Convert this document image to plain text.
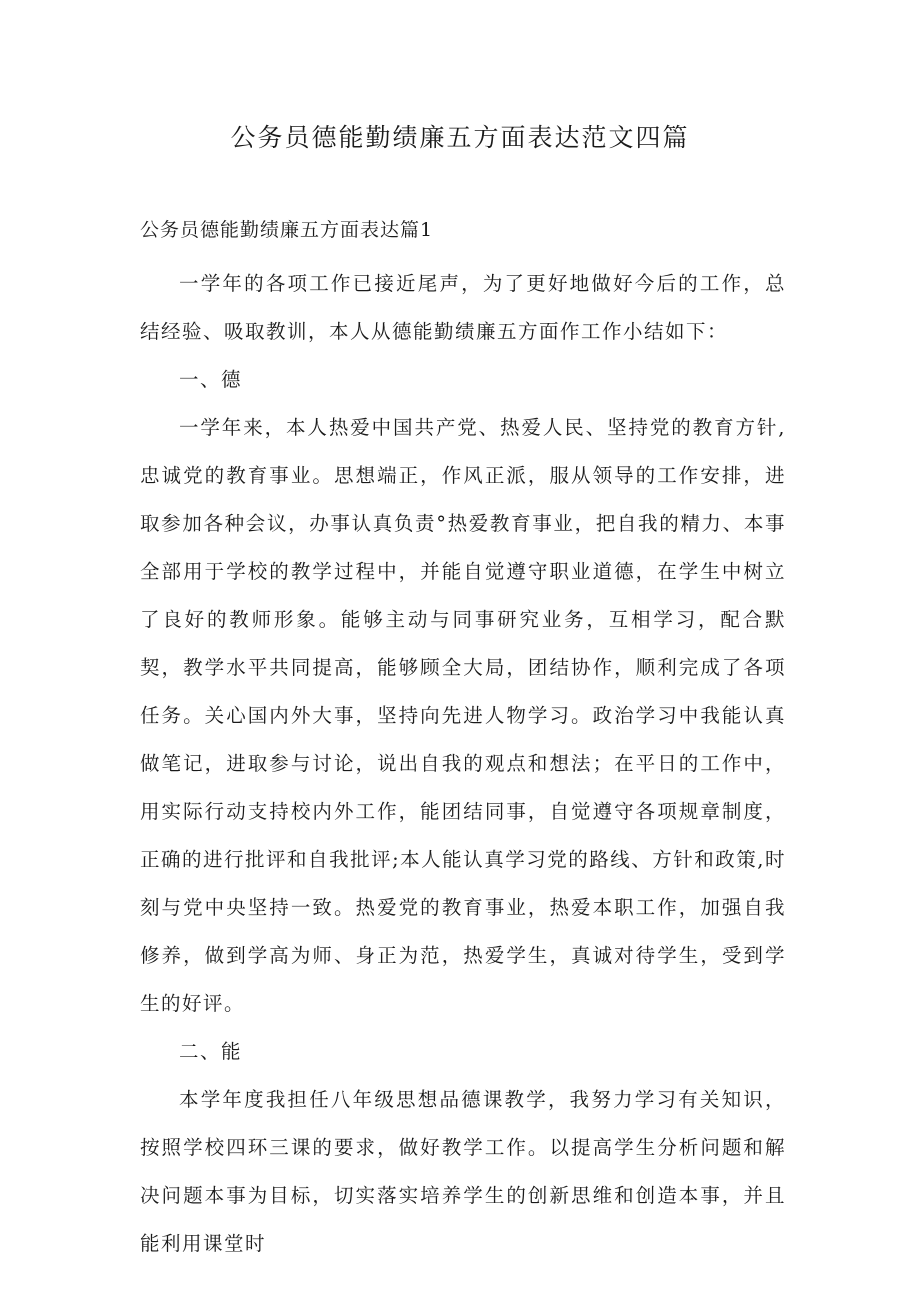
公务员德能勤绩廉五方面表达范文四篇
公务员德能勤绩廉五方面表达篇1

一学年的各项工作已接近尾声，为了更好地做好今后的工作，总结经验、吸取教训，本人从德能勤绩廉五方面作工作小结如下：

一、德

一学年来，本人热爱中国共产党、热爱人民、坚持党的教育方针,忠诚党的教育事业。思想端正，作风正派，服从领导的工作安排，进取参加各种会议，办事认真负责°热爱教育事业，把自我的精力、本事全部用于学校的教学过程中，并能自觉遵守职业道德，在学生中树立了良好的教师形象。能够主动与同事研究业务，互相学习，配合默契，教学水平共同提高，能够顾全大局，团结协作，顺利完成了各项任务。关心国内外大事，坚持向先进人物学习。政治学习中我能认真做笔记，进取参与讨论，说出自我的观点和想法；在平日的工作中，用实际行动支持校内外工作，能团结同事，自觉遵守各项规章制度，正确的进行批评和自我批评;本人能认真学习党的路线、方针和政策,时刻与党中央坚持一致。热爱党的教育事业，热爱本职工作，加强自我修养，做到学高为师、身正为范，热爱学生，真诚对待学生，受到学生的好评。

二、能

本学年度我担任八年级思想品德课教学，我努力学习有关知识，按照学校四环三课的要求，做好教学工作。以提高学生分析问题和解决问题本事为目标，切实落实培养学生的创新思维和创造本事，并且能利用课堂时
